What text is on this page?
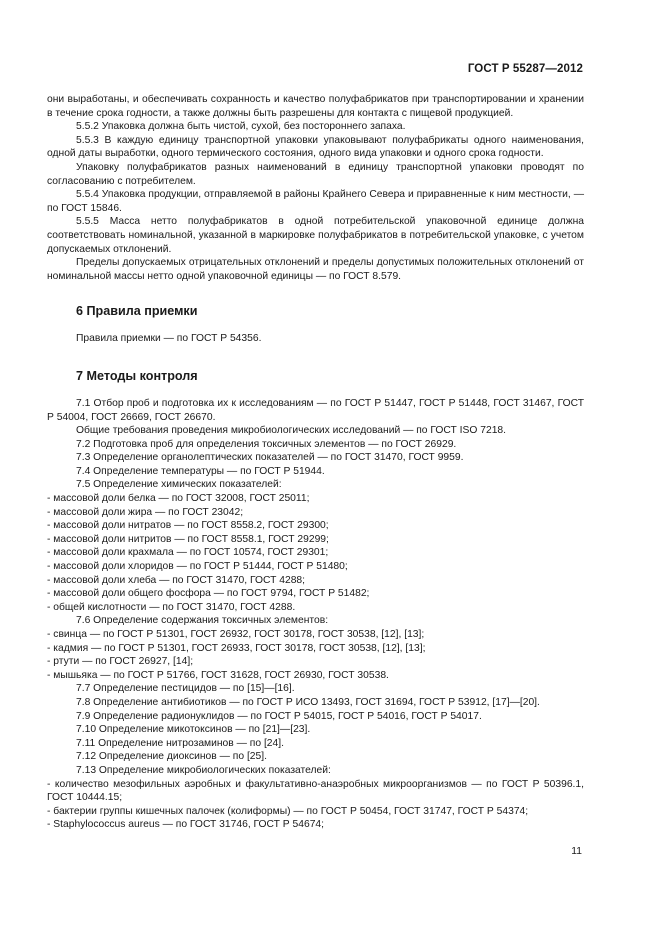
ГОСТ Р 55287—2012

они выработаны, и обеспечивать сохранность и качество полуфабрикатов при транспортировании и хранении в течение срока годности, а также должны быть разрешены для контакта с пищевой продукцией.

5.5.2 Упаковка должна быть чистой, сухой, без постороннего запаха.

5.5.3 В каждую единицу транспортной упаковки упаковывают полуфабрикаты одного наименования, одной даты выработки, одного термического состояния, одного вида упаковки и одного срока годности.

Упаковку полуфабрикатов разных наименований в единицу транспортной упаковки проводят по согласованию с потребителем.

5.5.4 Упаковка продукции, отправляемой в районы Крайнего Севера и приравненные к ним местности, — по ГОСТ 15846.

5.5.5 Масса нетто полуфабрикатов в одной потребительской упаковочной единице должна соответствовать номинальной, указанной в маркировке полуфабрикатов в потребительской упаковке, с учетом допускаемых отклонений.

Пределы допускаемых отрицательных отклонений и пределы допустимых положительных отклонений от номинальной массы нетто одной упаковочной единицы — по ГОСТ 8.579.

6 Правила приемки

Правила приемки — по ГОСТ Р 54356.

7 Методы контроля

7.1 Отбор проб и подготовка их к исследованиям — по ГОСТ Р 51447, ГОСТ Р 51448, ГОСТ 31467, ГОСТ Р 54004, ГОСТ 26669, ГОСТ 26670.

Общие требования проведения микробиологических исследований — по ГОСТ ISO 7218.

7.2 Подготовка проб для определения токсичных элементов — по ГОСТ 26929.

7.3 Определение органолептических показателей — по ГОСТ 31470, ГОСТ 9959.

7.4 Определение температуры — по ГОСТ Р 51944.

7.5 Определение химических показателей:

- массовой доли белка — по ГОСТ 32008, ГОСТ 25011;

- массовой доли жира — по ГОСТ 23042;

- массовой доли нитратов — по ГОСТ 8558.2, ГОСТ 29300;

- массовой доли нитритов — по ГОСТ 8558.1, ГОСТ 29299;

- массовой доли крахмала — по ГОСТ 10574, ГОСТ 29301;

- массовой доли хлоридов — по ГОСТ Р 51444, ГОСТ Р 51480;

- массовой доли хлеба — по ГОСТ 31470, ГОСТ 4288;

- массовой доли общего фосфора — по ГОСТ 9794, ГОСТ Р 51482;

- общей кислотности — по ГОСТ 31470, ГОСТ 4288.

7.6 Определение содержания токсичных элементов:

- свинца — по ГОСТ Р 51301, ГОСТ 26932, ГОСТ 30178, ГОСТ 30538, [12], [13];

- кадмия — по ГОСТ Р 51301, ГОСТ 26933, ГОСТ 30178, ГОСТ 30538, [12], [13];

- ртути — по ГОСТ 26927, [14];

- мышьяка — по ГОСТ Р 51766, ГОСТ 31628, ГОСТ 26930, ГОСТ 30538.

7.7 Определение пестицидов — по [15]—[16].

7.8 Определение антибиотиков — по ГОСТ Р ИСО 13493, ГОСТ 31694, ГОСТ Р 53912, [17]—[20].

7.9 Определение радионуклидов — по ГОСТ Р 54015, ГОСТ Р 54016, ГОСТ Р 54017.

7.10 Определение микотоксинов — по [21]—[23].

7.11 Определение нитрозаминов — по [24].

7.12 Определение диоксинов — по [25].

7.13 Определение микробиологических показателей:

- количество мезофильных аэробных и факультативно-анаэробных микроорганизмов — по ГОСТ Р 50396.1, ГОСТ 10444.15;

- бактерии группы кишечных палочек (колиформы) — по ГОСТ Р 50454, ГОСТ 31747, ГОСТ Р 54374;

- Staphylococcus aureus — по ГОСТ 31746, ГОСТ Р 54674;

11
